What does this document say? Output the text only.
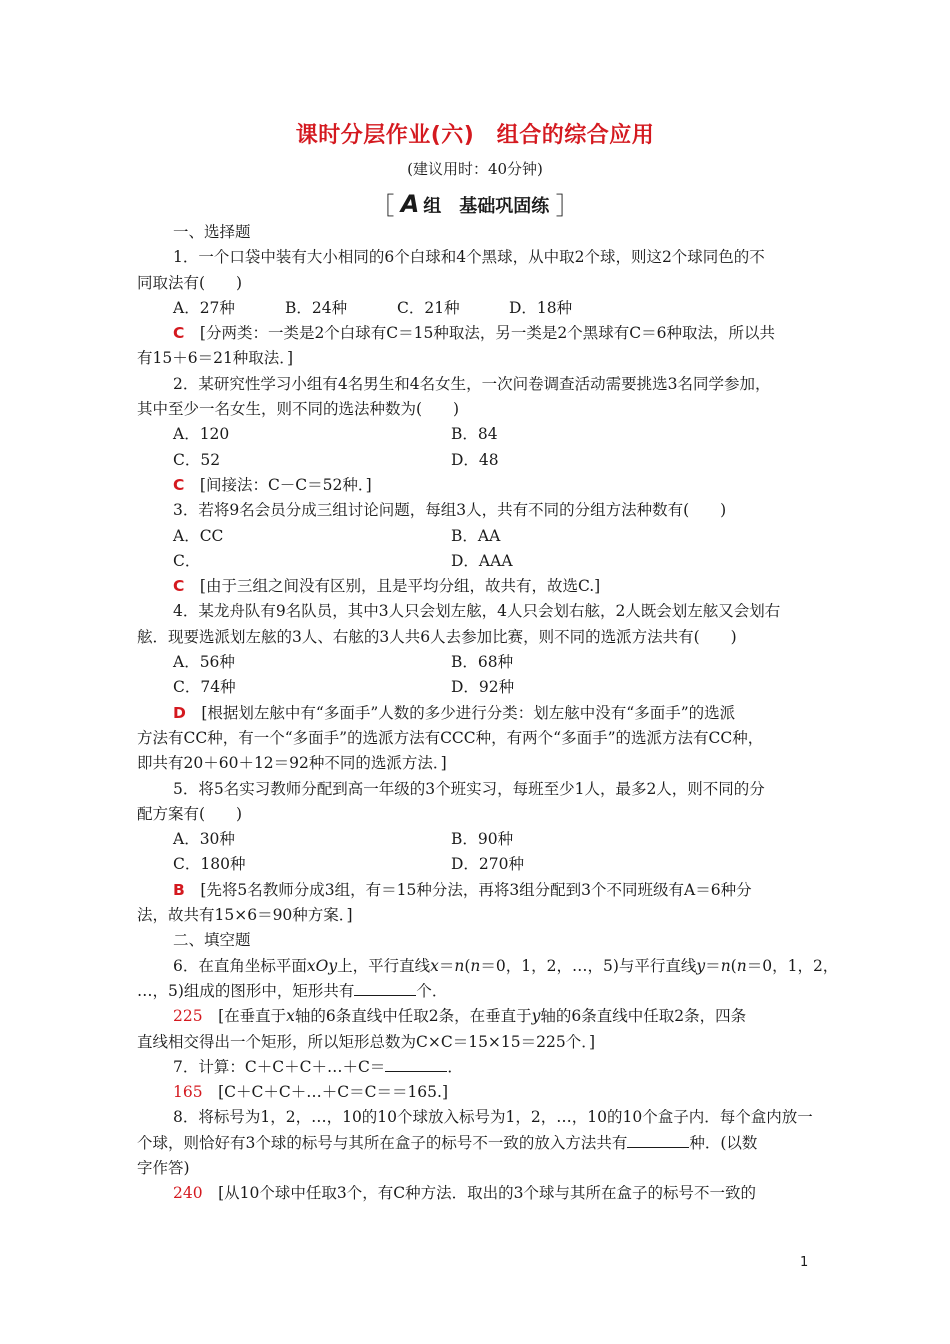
课时分层作业(六)　组合的综合应用
(建议用时：40分钟)
［ A 组　基础巩固练 ］
一、选择题
1．一个口袋中装有大小相同的6个白球和4个黑球，从中取2个球，则这2个球同色的不
同取法有(　　)
A．27种	B．24种	C．21种	D．18种
C　[分两类：一类是2个白球有C＝15种取法，另一类是2个黑球有C＝6种取法，所以共
有15＋6＝21种取法．]
2．某研究性学习小组有4名男生和4名女生，一次问卷调查活动需要挑选3名同学参加，
其中至少一名女生，则不同的选法种数为(　　)
A．120	B．84
C．52	D．48
C　[间接法：C－C＝52种．]
3．若将9名会员分成三组讨论问题，每组3人，共有不同的分组方法种数有(　　)
A．CC	B．AA
C．	D．AAA
C　[由于三组之间没有区别，且是平均分组，故共有，故选C.]
4．某龙舟队有9名队员，其中3人只会划左舷，4人只会划右舷，2人既会划左舷又会划右
舷．现要选派划左舷的3人、右舷的3人共6人去参加比赛，则不同的选派方法共有(　　)
A．56种	B．68种
C．74种	D．92种
D　[根据划左舷中有“多面手”人数的多少进行分类：划左舷中没有“多面手”的选派
方法有CC种，有一个“多面手”的选派方法有CCC种，有两个“多面手”的选派方法有CC种，
即共有20＋60＋12＝92种不同的选派方法．]
5．将5名实习教师分配到高一年级的3个班实习，每班至少1人，最多2人，则不同的分
配方案有(　　)
A．30种	B．90种
C．180种	D．270种
B　[先将5名教师分成3组，有＝15种分法，再将3组分配到3个不同班级有A＝6种分
法，故共有15×6＝90种方案．]
二、填空题
6．在直角坐标平面xOy上，平行直线x＝n(n＝0，1，2，…，5)与平行直线y＝n(n＝0，1，2，
…，5)组成的图形中，矩形共有	个．
225　[在垂直于x轴的6条直线中任取2条，在垂直于y轴的6条直线中任取2条，四条
直线相交得出一个矩形，所以矩形总数为C×C＝15×15＝225个．]
7．计算：C＋C＋C＋…＋C＝	．
165　[C＋C＋C＋…＋C＝C＝＝165.]
8．将标号为1，2，…，10的10个球放入标号为1，2，…，10的10个盒子内．每个盒内放一
个球，则恰好有3个球的标号与其所在盒子的标号不一致的放入方法共有	种．(以数
字作答)
240　[从10个球中任取3个，有C种方法．取出的3个球与其所在盒子的标号不一致的
1
